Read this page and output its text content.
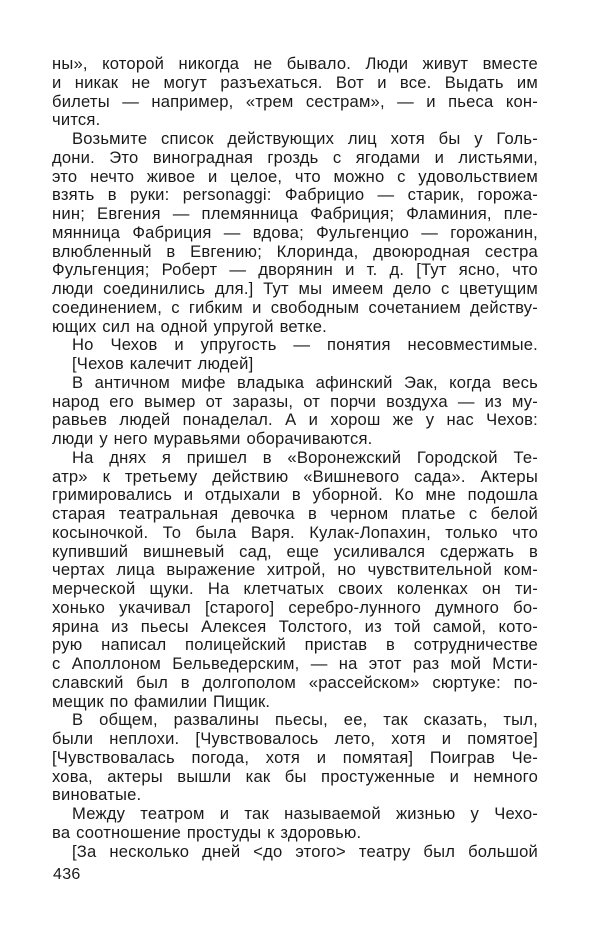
ны», которой никогда не бывало. Люди живут вместе
и никак не могут разъехаться. Вот и все. Выдать им
билеты — например, «трем сестрам», — и пьеса кон-
чится.
Возьмите список действующих лиц хотя бы у Голь-
дони. Это виноградная гроздь с ягодами и листьями,
это нечто живое и целое, что можно с удовольствием
взять в руки: personaggi: Фабрицио — старик, горожа-
нин; Евгения — племянница Фабриция; Фламиния, пле-
мянница Фабриция — вдова; Фульгенцио — горожанин,
влюбленный в Евгению; Клоринда, двоюродная сестра
Фульгенция; Роберт — дворянин и т. д. [Тут ясно, что
люди соединились для.] Тут мы имеем дело с цветущим
соединением, с гибким и свободным сочетанием действу-
ющих сил на одной упругой ветке.
Но Чехов и упругость — понятия несовместимые.
[Чехов калечит людей]
В античном мифе владыка афинский Эак, когда весь
народ его вымер от заразы, от порчи воздуха — из му-
равьев людей понаделал. А и хорош же у нас Чехов:
люди у него муравьями оборачиваются.
На днях я пришел в «Воронежский Городской Те-
атр» к третьему действию «Вишневого сада». Актеры
гримировались и отдыхали в уборной. Ко мне подошла
старая театральная девочка в черном платье с белой
косыночкой. То была Варя. Кулак-Лопахин, только что
купивший вишневый сад, еще усиливался сдержать в
чертах лица выражение хитрой, но чувствительной ком-
мерческой щуки. На клетчатых своих коленках он ти-
хонько укачивал [старого] серебро-лунного думного бо-
ярина из пьесы Алексея Толстого, из той самой, кото-
рую написал полицейский пристав в сотрудничестве
с Аполлоном Бельведерским, — на этот раз мой Мсти-
славский был в долгополом «рассейском» сюртуке: по-
мещик по фамилии Пищик.
В общем, развалины пьесы, ее, так сказать, тыл,
были неплохи. [Чувствовалось лето, хотя и помятое]
[Чувствовалась погода, хотя и помятая] Поиграв Че-
хова, актеры вышли как бы простуженные и немного
виноватые.
Между театром и так называемой жизнью у Чехо-
ва соотношение простуды к здоровью.
[За несколько дней <до этого> театру был большой
436
